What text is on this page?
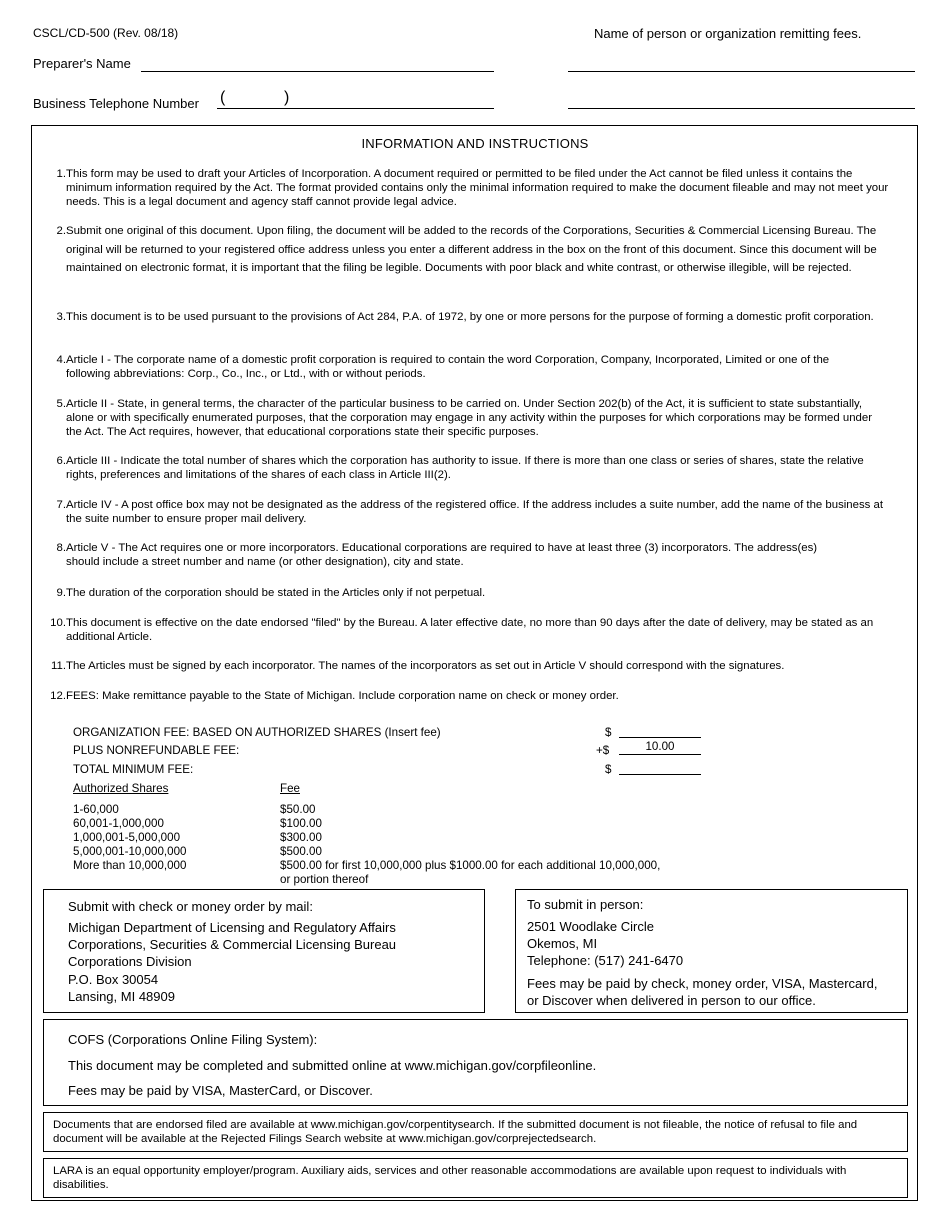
CSCL/CD-500 (Rev. 08/18)	Name of person or organization remitting fees.
Preparer's Name
Business Telephone Number (	)
INFORMATION AND INSTRUCTIONS
1. This form may be used to draft your Articles of Incorporation. A document required or permitted to be filed under the Act cannot be filed unless it contains the minimum information required by the Act. The format provided contains only the minimal information required to make the document fileable and may not meet your needs. This is a legal document and agency staff cannot provide legal advice.
2. Submit one original of this document. Upon filing, the document will be added to the records of the Corporations, Securities & Commercial Licensing Bureau. The original will be returned to your registered office address unless you enter a different address in the box on the front of this document. Since this document will be maintained on electronic format, it is important that the filing be legible. Documents with poor black and white contrast, or otherwise illegible, will be rejected.
3. This document is to be used pursuant to the provisions of Act 284, P.A. of 1972, by one or more persons for the purpose of forming a domestic profit corporation.
4. Article I - The corporate name of a domestic profit corporation is required to contain the word Corporation, Company, Incorporated, Limited or one of the following abbreviations: Corp., Co., Inc., or Ltd., with or without periods.
5. Article II - State, in general terms, the character of the particular business to be carried on. Under Section 202(b) of the Act, it is sufficient to state substantially, alone or with specifically enumerated purposes, that the corporation may engage in any activity within the purposes for which corporations may be formed under the Act. The Act requires, however, that educational corporations state their specific purposes.
6. Article III - Indicate the total number of shares which the corporation has authority to issue. If there is more than one class or series of shares, state the relative rights, preferences and limitations of the shares of each class in Article III(2).
7. Article IV - A post office box may not be designated as the address of the registered office. If the address includes a suite number, add the name of the business at the suite number to ensure proper mail delivery.
8. Article V - The Act requires one or more incorporators. Educational corporations are required to have at least three (3) incorporators. The address(es) should include a street number and name (or other designation), city and state.
9. The duration of the corporation should be stated in the Articles only if not perpetual.
10. This document is effective on the date endorsed "filed" by the Bureau. A later effective date, no more than 90 days after the date of delivery, may be stated as an additional Article.
11. The Articles must be signed by each incorporator. The names of the incorporators as set out in Article V should correspond with the signatures.
12. FEES: Make remittance payable to the State of Michigan. Include corporation name on check or money order.
ORGANIZATION FEE: BASED ON AUTHORIZED SHARES (Insert fee)	$
PLUS NONREFUNDABLE FEE:	+$	10.00
TOTAL MINIMUM FEE:	$
Authorized Shares	Fee
1-60,000	$50.00
60,001-1,000,000	$100.00
1,000,001-5,000,000	$300.00
5,000,001-10,000,000	$500.00
More than 10,000,000	$500.00 for first 10,000,000 plus $1000.00 for each additional 10,000,000,
or portion thereof
Submit with check or money order by mail:
Michigan Department of Licensing and Regulatory Affairs
Corporations, Securities & Commercial Licensing Bureau
Corporations Division
P.O. Box 30054
Lansing, MI 48909
To submit in person:
2501 Woodlake Circle
Okemos, MI
Telephone: (517) 241-6470
Fees may be paid by check, money order, VISA, Mastercard,
or Discover when delivered in person to our office.
COFS (Corporations Online Filing System):
This document may be completed and submitted online at www.michigan.gov/corpfileonline.
Fees may be paid by VISA, MasterCard, or Discover.
Documents that are endorsed filed are available at www.michigan.gov/corpentitysearch. If the submitted document is not fileable, the notice of refusal to file and document will be available at the Rejected Filings Search website at www.michigan.gov/corprejectedsearch.
LARA is an equal opportunity employer/program. Auxiliary aids, services and other reasonable accommodations are available upon request to individuals with disabilities.
